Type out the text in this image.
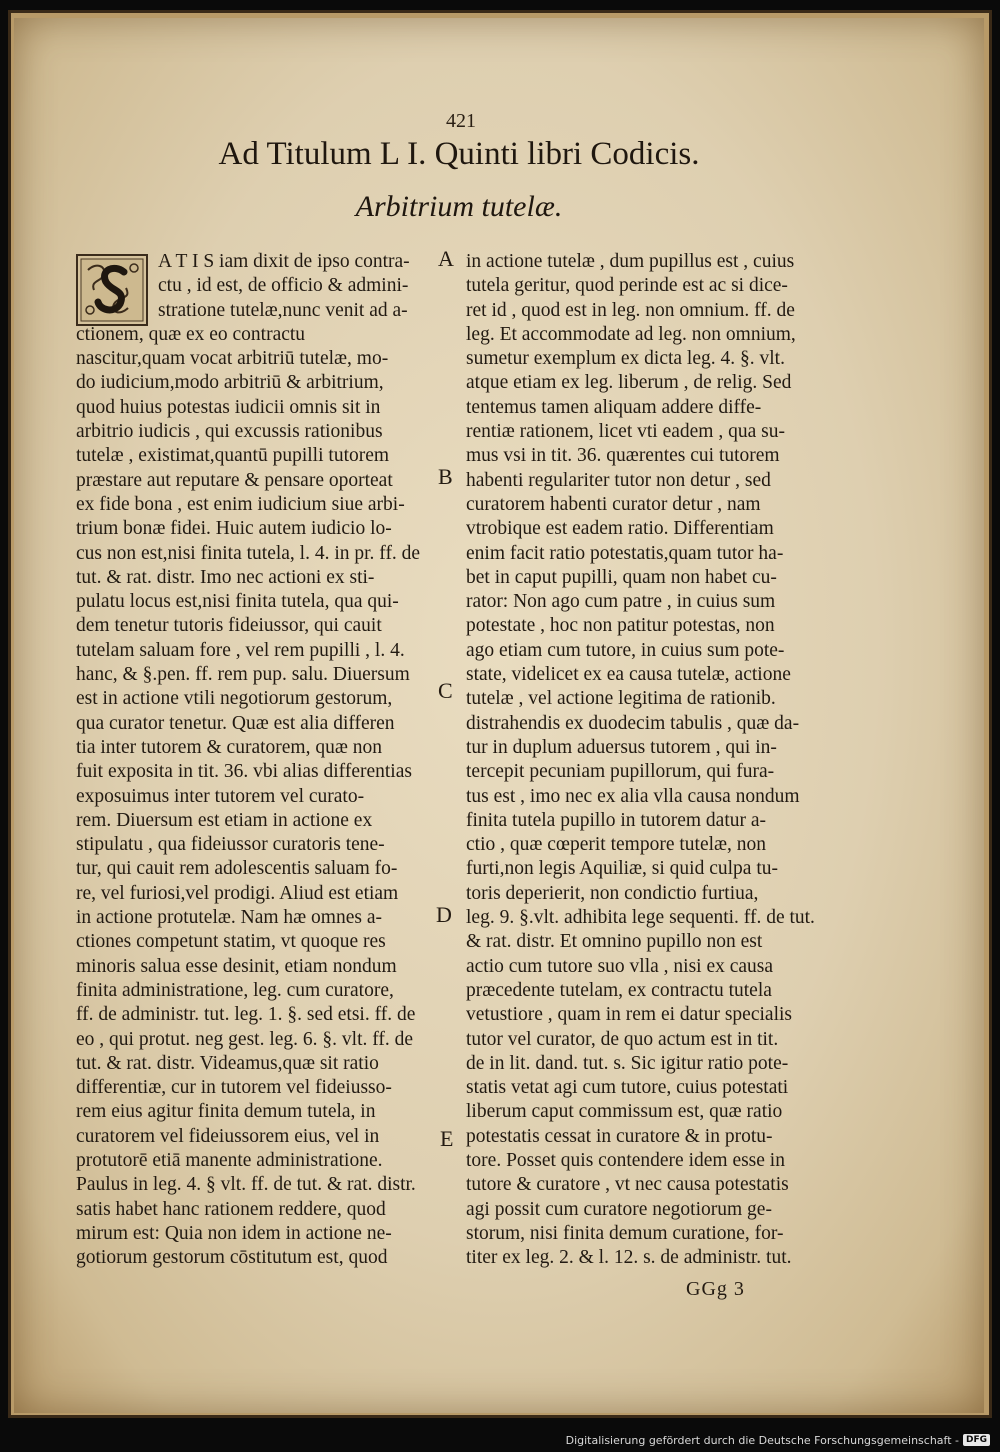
421
Ad Titulum L I. Quinti libri Codicis.
Arbitrium tutelæ.
A T I S iam dixit de ipso contra-
ctu , id est, de officio & admini-
stratione tutelæ,nunc venit ad a-
ctionem, quæ ex eo contractu
nascitur,quam vocat arbitriū tutelæ, mo-
do iudicium,modo arbitriū & arbitrium,
quod huius potestas iudicii omnis sit in
arbitrio iudicis , qui excussis rationibus
tutelæ , existimat,quantū pupilli tutorem
præstare aut reputare & pensare oporteat
ex fide bona , est enim iudicium siue arbi-
trium bonæ fidei. Huic autem iudicio lo-
cus non est,nisi finita tutela, l. 4. in pr. ff. de
tut. & rat. distr. Imo nec actioni ex sti-
pulatu locus est,nisi finita tutela, qua qui-
dem tenetur tutoris fideiussor, qui cauit
tutelam saluam fore , vel rem pupilli , l. 4.
hanc, & §.pen. ff. rem pup. salu. Diuersum
est in actione vtili negotiorum gestorum,
qua curator tenetur. Quæ est alia differen
tia inter tutorem & curatorem, quæ non
fuit exposita in tit. 36. vbi alias differentias
exposuimus inter tutorem vel curato-
rem. Diuersum est etiam in actione ex
stipulatu , qua fideiussor curatoris tene-
tur, qui cauit rem adolescentis saluam fo-
re, vel furiosi,vel prodigi. Aliud est etiam
in actione protutelæ. Nam hæ omnes a-
ctiones competunt statim, vt quoque res
minoris salua esse desinit, etiam nondum
finita administratione, leg. cum curatore,
ff. de administr. tut. leg. 1. §. sed etsi. ff. de
eo , qui protut. neg gest. leg. 6. §. vlt. ff. de
tut. & rat. distr. Videamus,quæ sit ratio
differentiæ, cur in tutorem vel fideiusso-
rem eius agitur finita demum tutela, in
curatorem vel fideiussorem eius, vel in
protutorē etiā manente administratione.
Paulus in leg. 4. § vlt. ff. de tut. & rat. distr.
satis habet hanc rationem reddere, quod
mirum est: Quia non idem in actione ne-
gotiorum gestorum cōstitutum est, quod
in actione tutelæ , dum pupillus est , cuius
tutela geritur, quod perinde est ac si dice-
ret id , quod est in leg. non omnium. ff. de
leg. Et accommodate ad leg. non omnium,
sumetur exemplum ex dicta leg. 4. §. vlt.
atque etiam ex leg. liberum , de relig. Sed
tentemus tamen aliquam addere diffe-
rentiæ rationem, licet vti eadem , qua su-
mus vsi in tit. 36. quærentes cui tutorem
habenti regulariter tutor non detur , sed
curatorem habenti curator detur , nam
vtrobique est eadem ratio. Differentiam
enim facit ratio potestatis,quam tutor ha-
bet in caput pupilli, quam non habet cu-
rator: Non ago cum patre , in cuius sum
potestate , hoc non patitur potestas, non
ago etiam cum tutore, in cuius sum pote-
state, videlicet ex ea causa tutelæ, actione
tutelæ , vel actione legitima de rationib.
distrahendis ex duodecim tabulis , quæ da-
tur in duplum aduersus tutorem , qui in-
tercepit pecuniam pupillorum, qui fura-
tus est , imo nec ex alia vlla causa nondum
finita tutela pupillo in tutorem datur a-
ctio , quæ cœperit tempore tutelæ, non
furti,non legis Aquiliæ, si quid culpa tu-
toris deperierit, non condictio furtiua,
leg. 9. §.vlt. adhibita lege sequenti. ff. de tut.
& rat. distr. Et omnino pupillo non est
actio cum tutore suo vlla , nisi ex causa
præcedente tutelam, ex contractu tutela
vetustiore , quam in rem ei datur specialis
tutor vel curator, de quo actum est in tit.
de in lit. dand. tut. s. Sic igitur ratio pote-
statis vetat agi cum tutore, cuius potestati
liberum caput commissum est, quæ ratio
potestatis cessat in curatore & in protu-
tore. Posset quis contendere idem esse in
tutore & curatore , vt nec causa potestatis
agi possit cum curatore negotiorum ge-
storum, nisi finita demum curatione, for-
titer ex leg. 2. & l. 12. s. de administr. tut.
A
B
C
D
E
GGg 3
Digitalisierung gefördert durch die Deutsche Forschungsgemeinschaft - DFG
